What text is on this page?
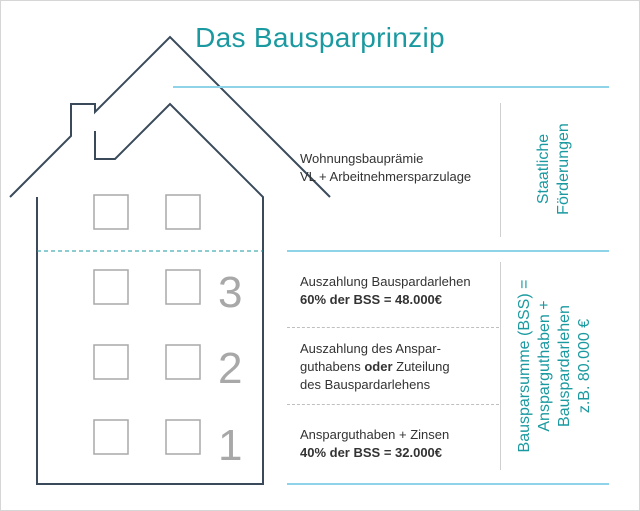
Das Bausparprinzip
3
2
1
Wohnungsbauprämie
VL + Arbeitnehmersparzulage
Auszahlung Bauspardarlehen
60% der BSS = 48.000€
Auszahlung des Anspar-
guthabens oder Zuteilung
des Bauspardarlehens
Ansparguthaben + Zinsen
40% der BSS = 32.000€
Staatliche Förderungen
Bausparsumme (BSS) = Ansparguthaben + Bauspardarlehen z.B. 80.000 €
